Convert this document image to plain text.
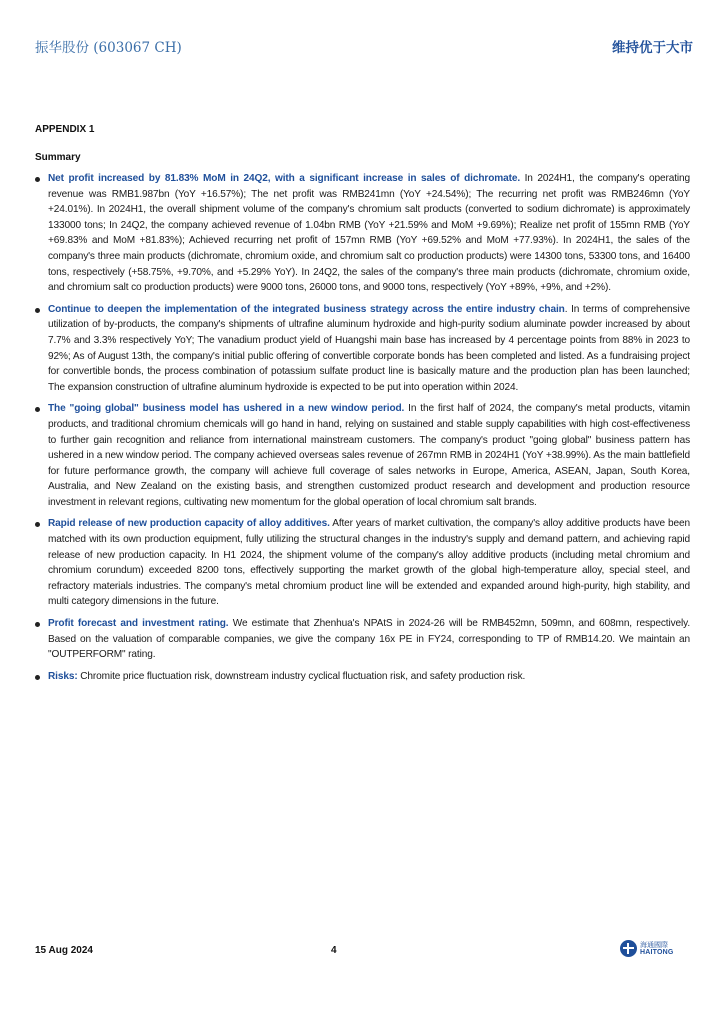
振华股份 (603067 CH)	维持优于大市
APPENDIX 1
Summary
Net profit increased by 81.83% MoM in 24Q2, with a significant increase in sales of dichromate. In 2024H1, the company's operating revenue was RMB1.987bn (YoY +16.57%); The net profit was RMB241mn (YoY +24.54%); The recurring net profit was RMB246mn (YoY +24.01%). In 2024H1, the overall shipment volume of the company's chromium salt products (converted to sodium dichromate) is approximately 133000 tons; In 24Q2, the company achieved revenue of 1.04bn RMB (YoY +21.59% and MoM +9.69%); Realize net profit of 155mn RMB (YoY +69.83% and MoM +81.83%); Achieved recurring net profit of 157mn RMB (YoY +69.52% and MoM +77.93%). In 2024H1, the sales of the company's three main products (dichromate, chromium oxide, and chromium salt co production products) were 14300 tons, 53300 tons, and 16400 tons, respectively (+58.75%, +9.70%, and +5.29% YoY). In 24Q2, the sales of the company's three main products (dichromate, chromium oxide, and chromium salt co production products) were 9000 tons, 26000 tons, and 9000 tons, respectively (YoY +89%, +9%, and +2%).
Continue to deepen the implementation of the integrated business strategy across the entire industry chain. In terms of comprehensive utilization of by-products, the company's shipments of ultrafine aluminum hydroxide and high-purity sodium aluminate powder increased by about 7.7% and 3.3% respectively YoY; The vanadium product yield of Huangshi main base has increased by 4 percentage points from 88% in 2023 to 92%; As of August 13th, the company's initial public offering of convertible corporate bonds has been completed and listed. As a fundraising project for convertible bonds, the process combination of potassium sulfate product line is basically mature and the production plan has been launched; The expansion construction of ultrafine aluminum hydroxide is expected to be put into operation within 2024.
The "going global" business model has ushered in a new window period. In the first half of 2024, the company's metal products, vitamin products, and traditional chromium chemicals will go hand in hand, relying on sustained and stable supply capabilities with high cost-effectiveness to further gain recognition and reliance from international mainstream customers. The company's product "going global" business pattern has ushered in a new window period. The company achieved overseas sales revenue of 267mn RMB in 2024H1 (YoY +38.99%). As the main battlefield for future performance growth, the company will achieve full coverage of sales networks in Europe, America, ASEAN, Japan, South Korea, Australia, and New Zealand on the existing basis, and strengthen customized product research and development and production resource investment in relevant regions, cultivating new momentum for the global operation of local chromium salt brands.
Rapid release of new production capacity of alloy additives. After years of market cultivation, the company's alloy additive products have been matched with its own production equipment, fully utilizing the structural changes in the industry's supply and demand pattern, and achieving rapid release of new production capacity. In H1 2024, the shipment volume of the company's alloy additive products (including metal chromium and chromium corundum) exceeded 8200 tons, effectively supporting the market growth of the global high-temperature alloy, special steel, and refractory materials industries. The company's metal chromium product line will be extended and expanded around high-purity, high stability, and multi category dimensions in the future.
Profit forecast and investment rating. We estimate that Zhenhua's NPAtS in 2024-26 will be RMB452mn, 509mn, and 608mn, respectively. Based on the valuation of comparable companies, we give the company 16x PE in FY24, corresponding to TP of RMB14.20. We maintain an "OUTPERFORM" rating.
Risks: Chromite price fluctuation risk, downstream industry cyclical fluctuation risk, and safety production risk.
15 Aug 2024	4
海通國際
HAITONG
